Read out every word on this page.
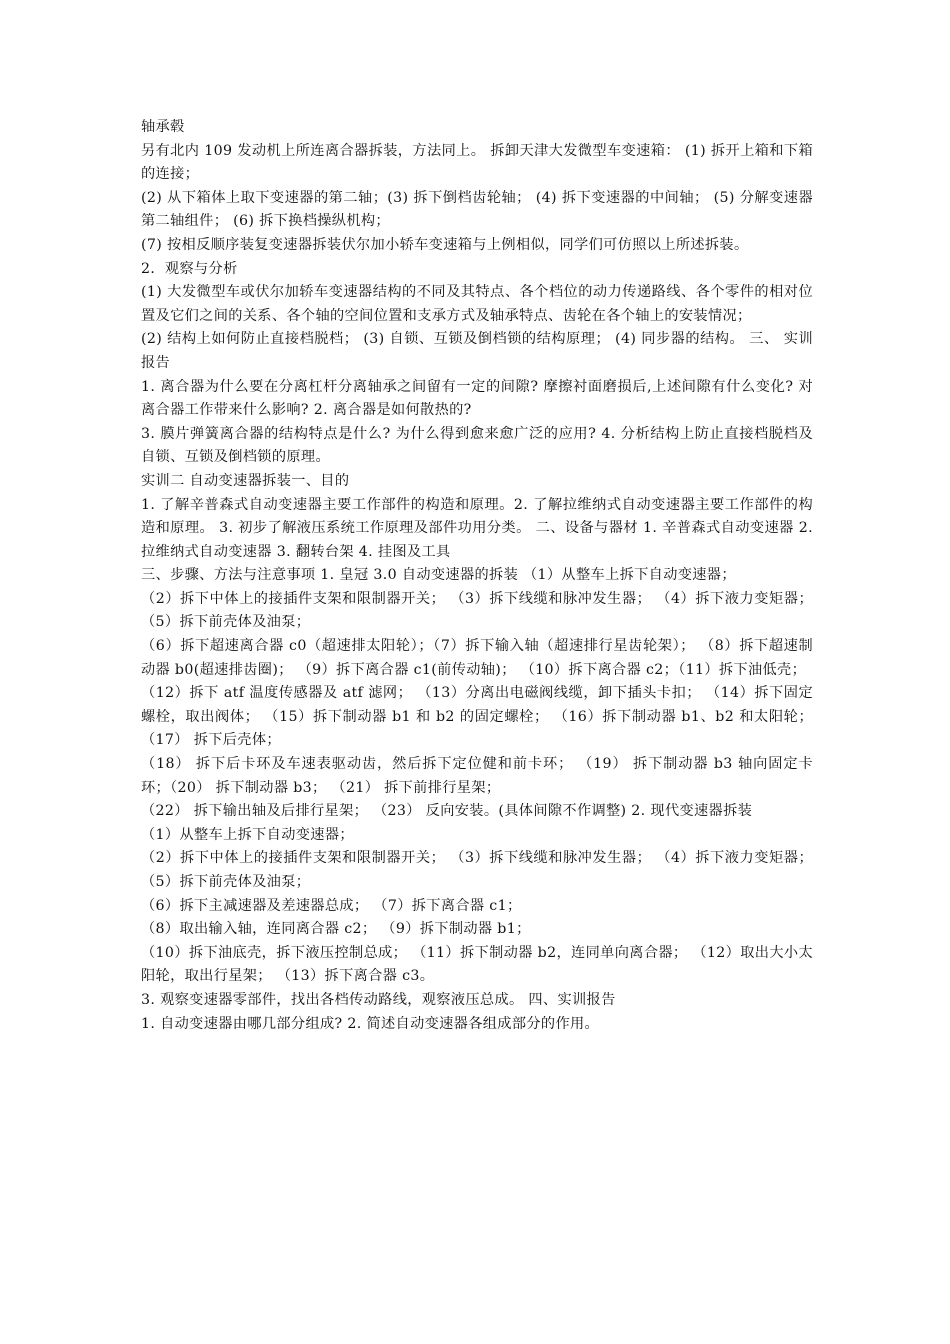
轴承毂

另有北内 109 发动机上所连离合器拆装，方法同上。 拆卸天津大发微型车变速箱： (1) 拆开上箱和下箱的连接；

(2) 从下箱体上取下变速器的第二轴；(3) 拆下倒档齿轮轴； (4) 拆下变速器的中间轴； (5) 分解变速器第二轴组件； (6) 拆下换档操纵机构；

(7) 按相反顺序装复变速器拆装伏尔加小轿车变速箱与上例相似，同学们可仿照以上所述拆装。

2．观察与分析

(1) 大发微型车或伏尔加轿车变速器结构的不同及其特点、各个档位的动力传递路线、各个零件的相对位置及它们之间的关系、各个轴的空间位置和支承方式及轴承特点、齿轮在各个轴上的安装情况；

(2) 结构上如何防止直接档脱档； (3) 自锁、互锁及倒档锁的结构原理； (4) 同步器的结构。 三、 实训报告

1. 离合器为什么要在分离杠杆分离轴承之间留有一定的间隙? 摩擦衬面磨损后,上述间隙有什么变化? 对离合器工作带来什么影响? 2. 离合器是如何散热的?

3. 膜片弹簧离合器的结构特点是什么? 为什么得到愈来愈广泛的应用? 4. 分析结构上防止直接档脱档及自锁、互锁及倒档锁的原理。

实训二 自动变速器拆装一、目的

1. 了解辛普森式自动变速器主要工作部件的构造和原理。2. 了解拉维纳式自动变速器主要工作部件的构造和原理。 3. 初步了解液压系统工作原理及部件功用分类。 二、设备与器材 1. 辛普森式自动变速器 2. 拉维纳式自动变速器 3. 翻转台架 4. 挂图及工具

三、步骤、方法与注意事项 1. 皇冠 3.0 自动变速器的拆装 （1）从整车上拆下自动变速器；

（2）拆下中体上的接插件支架和限制器开关； （3）拆下线缆和脉冲发生器； （4）拆下液力变矩器； （5）拆下前壳体及油泵；

（6）拆下超速离合器 c0（超速排太阳轮）；（7）拆下输入轴（超速排行星齿轮架）； （8）拆下超速制动器 b0(超速排齿圈)； （9）拆下离合器 c1(前传动轴)； （10）拆下离合器 c2；（11）拆下油低壳；

（12）拆下 atf 温度传感器及 atf 滤网； （13）分离出电磁阀线缆，卸下插头卡扣； （14）拆下固定螺栓，取出阀体； （15）拆下制动器 b1 和 b2 的固定螺栓； （16）拆下制动器 b1、b2 和太阳轮； （17） 拆下后壳体；

（18） 拆下后卡环及车速表驱动齿，然后拆下定位健和前卡环； （19） 拆下制动器 b3 轴向固定卡环；（20） 拆下制动器 b3； （21） 拆下前排行星架；

（22） 拆下输出轴及后排行星架； （23） 反向安装。(具体间隙不作调整) 2. 现代变速器拆装

（1）从整车上拆下自动变速器；

（2）拆下中体上的接插件支架和限制器开关； （3）拆下线缆和脉冲发生器； （4）拆下液力变矩器； （5）拆下前壳体及油泵；

（6）拆下主减速器及差速器总成； （7）拆下离合器 c1；

（8）取出输入轴，连同离合器 c2； （9）拆下制动器 b1；

（10）拆下油底壳，拆下液压控制总成； （11）拆下制动器 b2，连同单向离合器； （12）取出大小太阳轮，取出行星架； （13）拆下离合器 c3。

3. 观察变速器零部件，找出各档传动路线，观察液压总成。 四、实训报告

1. 自动变速器由哪几部分组成? 2. 简述自动变速器各组成部分的作用。
